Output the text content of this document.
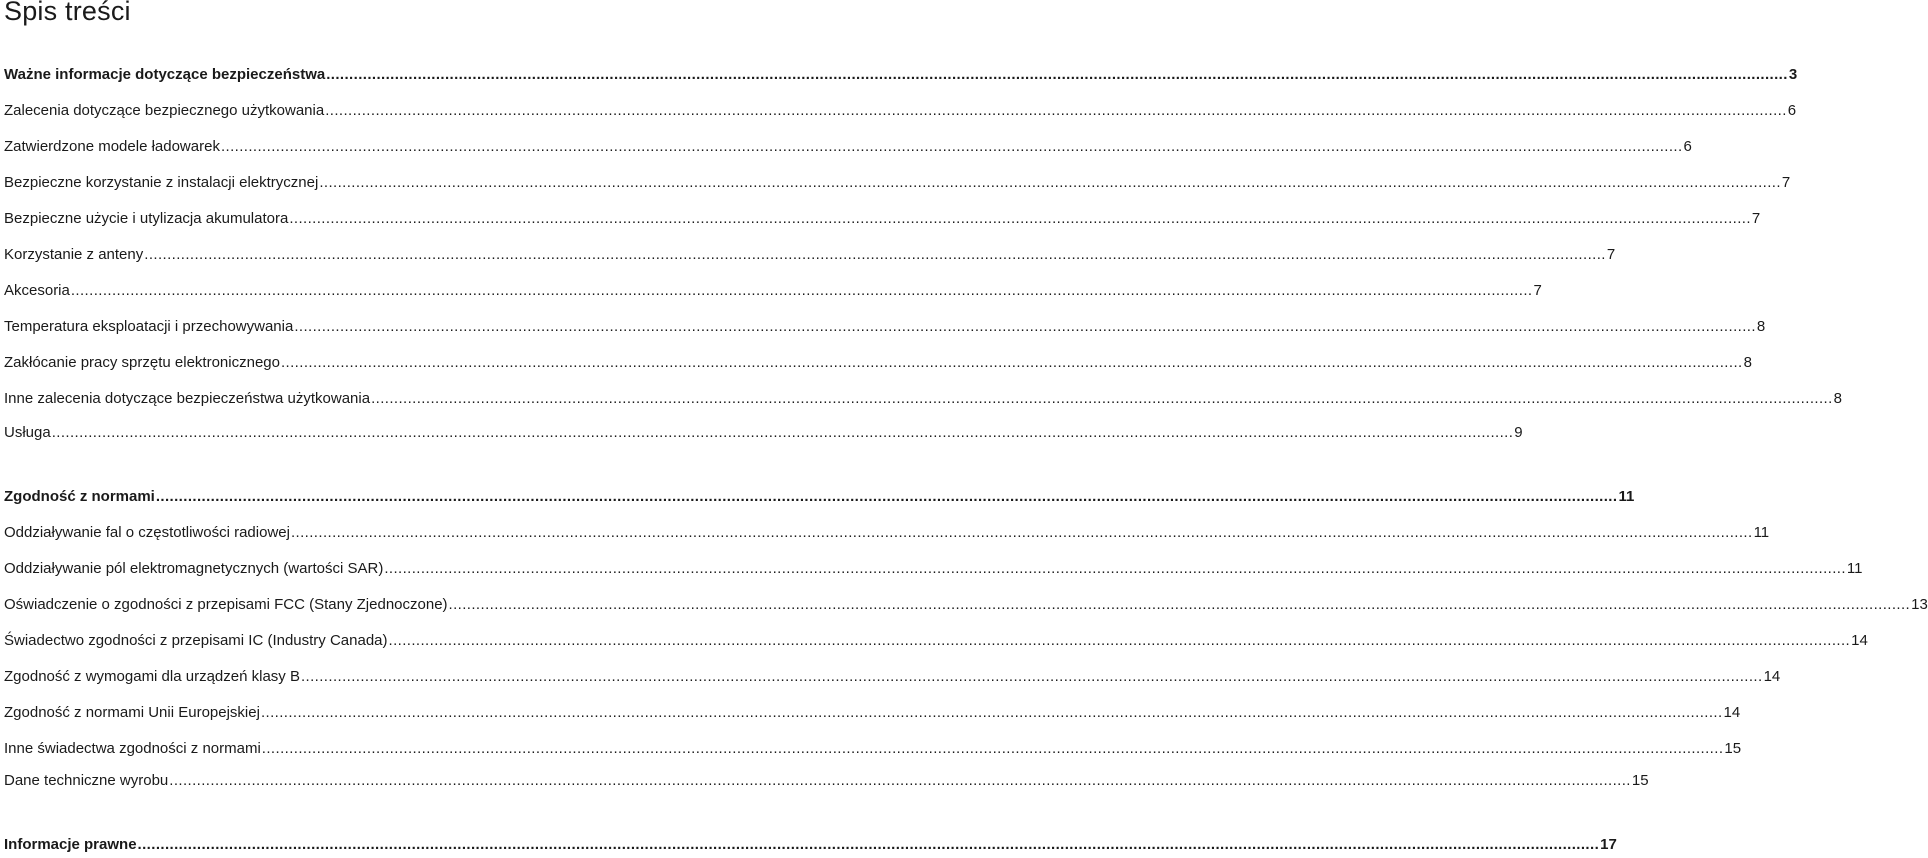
Spis treści
Ważne informacje dotyczące bezpieczeństwa .....	3
Zalecenia dotyczące bezpiecznego użytkowania .....	6
Zatwierdzone modele ładowarek .....	6
Bezpieczne korzystanie z instalacji elektrycznej .....	7
Bezpieczne użycie i utylizacja akumulatora .....	7
Korzystanie z anteny .....	7
Akcesoria .....	7
Temperatura eksploatacji i przechowywania .....	8
Zakłócanie pracy sprzętu elektronicznego .....	8
Inne zalecenia dotyczące bezpieczeństwa użytkowania .....	8
Usługa .....	9
Zgodność z normami .....	11
Oddziaływanie fal o częstotliwości radiowej .....	11
Oddziaływanie pól elektromagnetycznych (wartości SAR) .....	11
Oświadczenie o zgodności z przepisami FCC (Stany Zjednoczone) .....	13
Świadectwo zgodności z przepisami IC (Industry Canada) .....	14
Zgodność z wymogami dla urządzeń klasy B .....	14
Zgodność z normami Unii Europejskiej .....	14
Inne świadectwa zgodności z normami .....	15
Dane techniczne wyrobu .....	15
Informacje prawne .....	17
